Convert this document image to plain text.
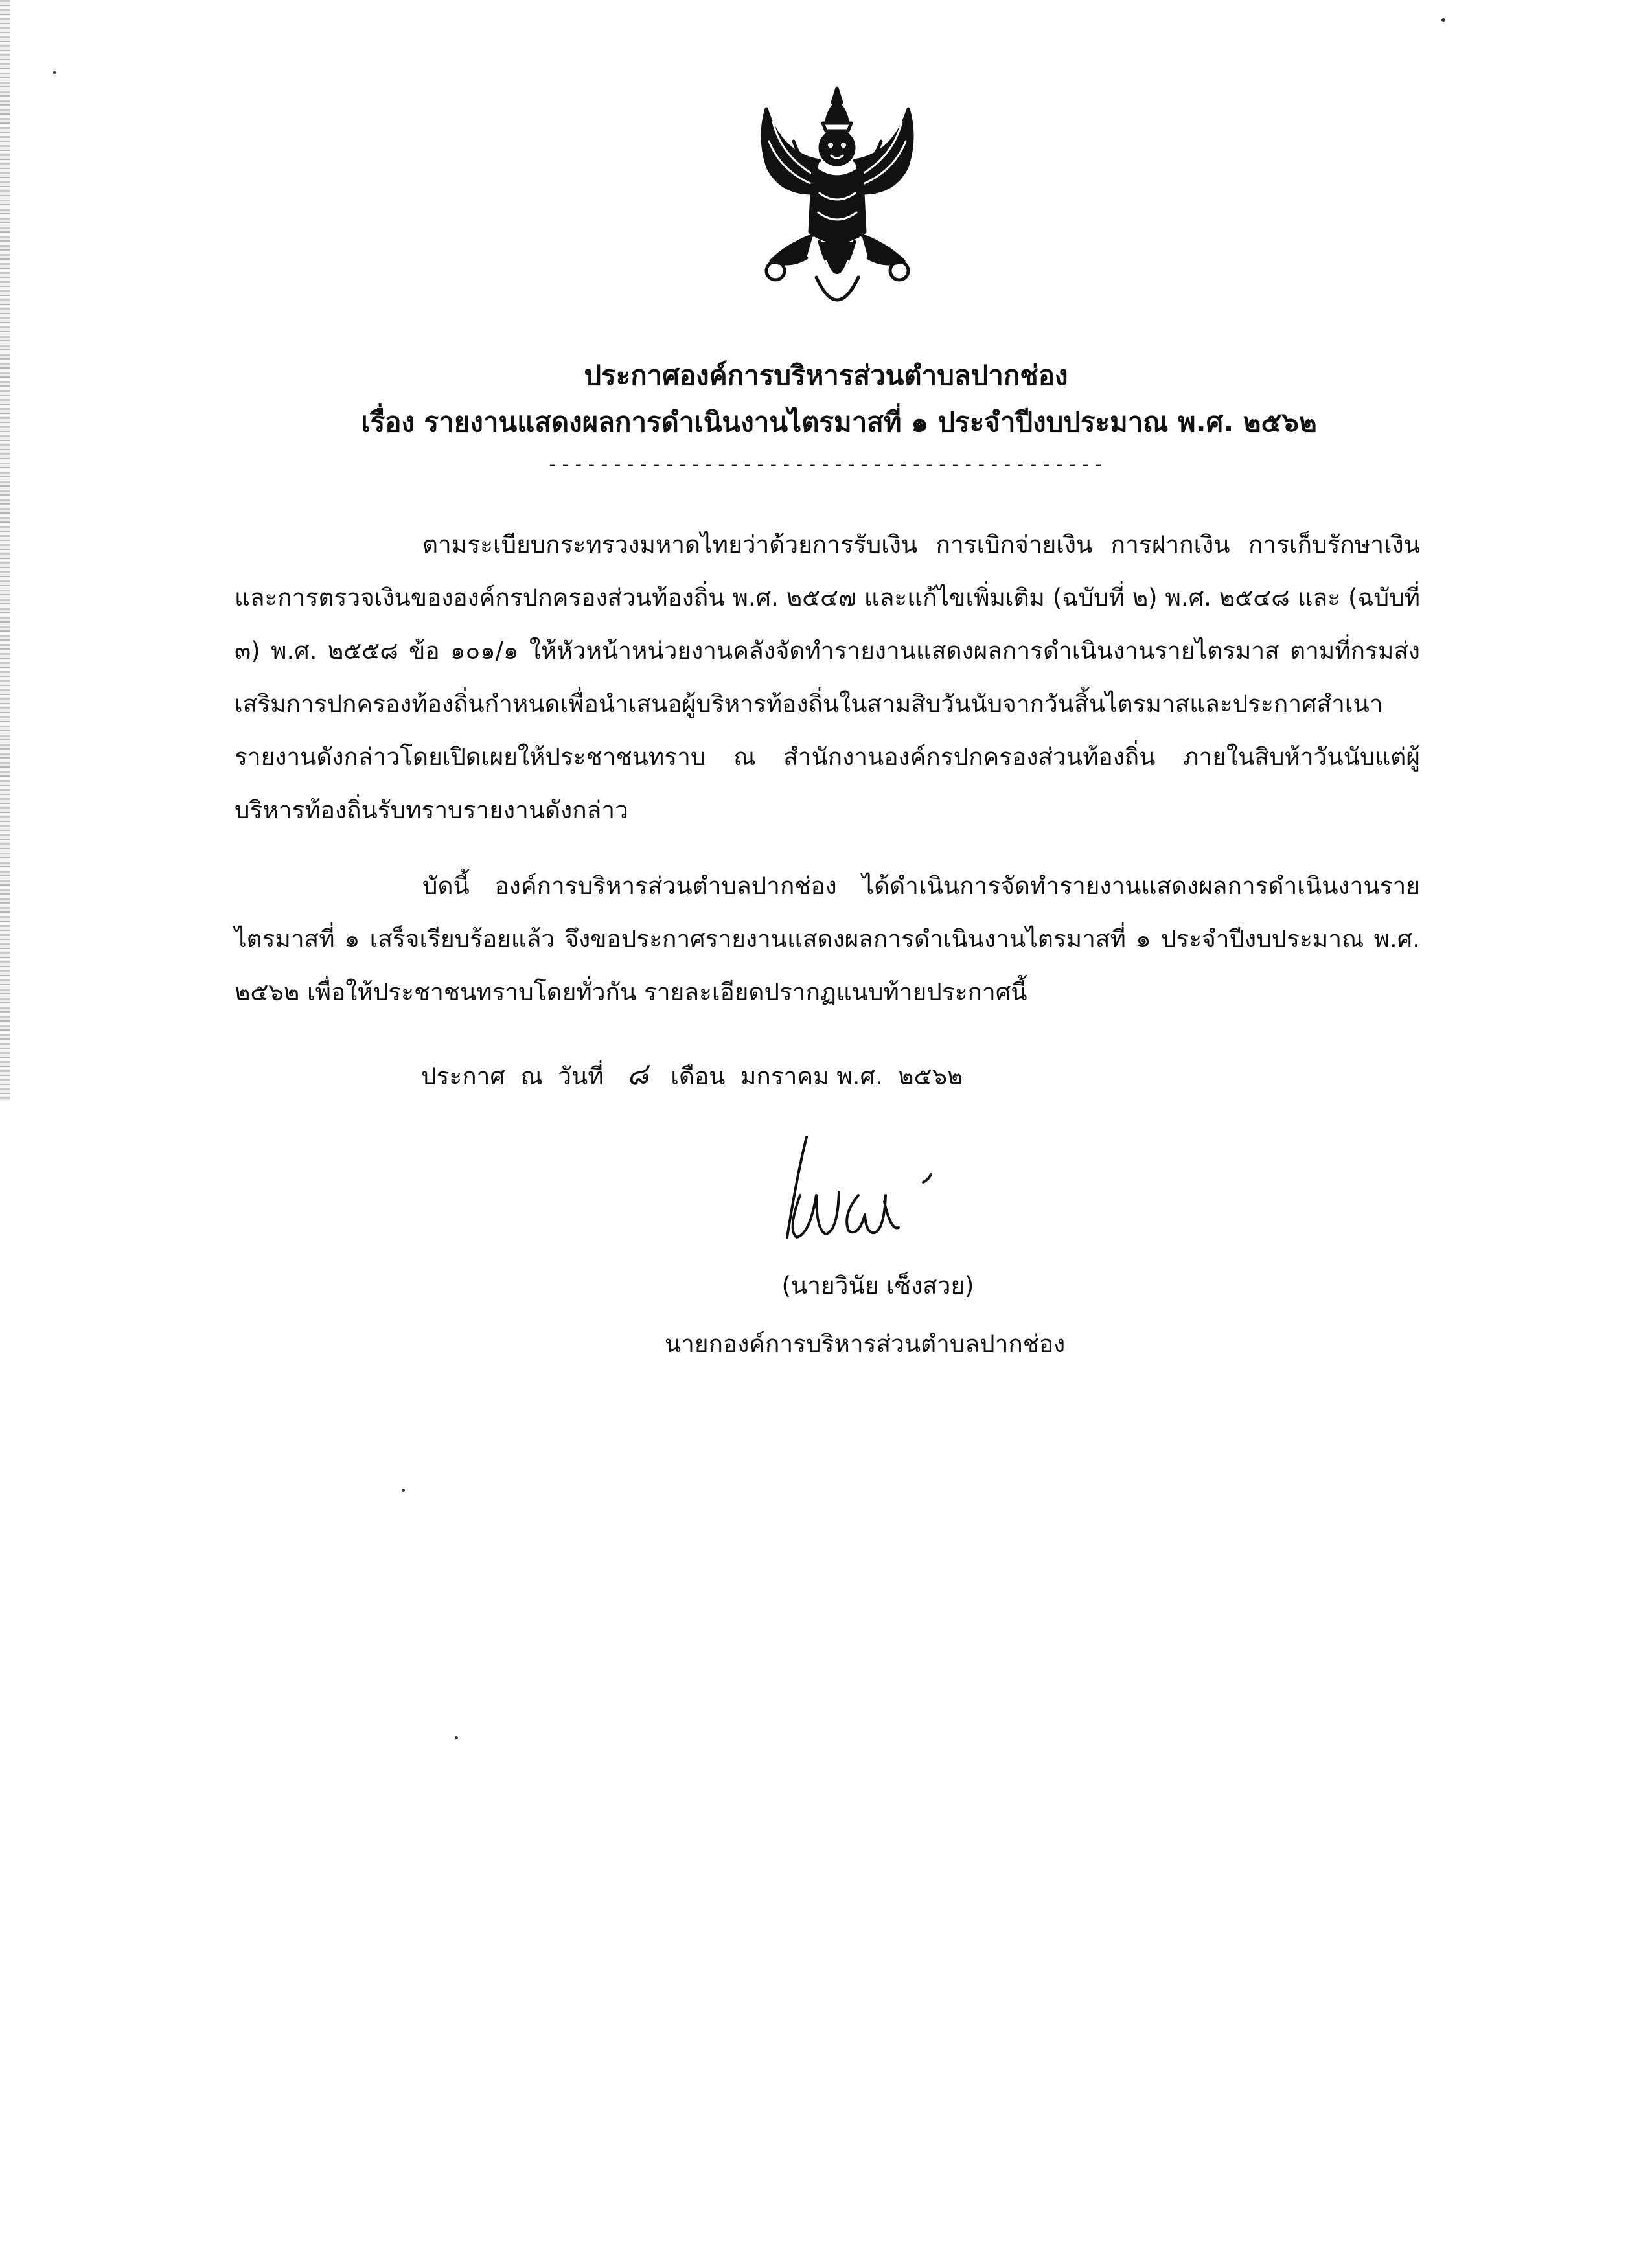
ประกาศองค์การบริหารส่วนตำบลปากช่อง
เรื่อง รายงานแสดงผลการดำเนินงานไตรมาสที่ ๑ ประจำปีงบประมาณ พ.ศ. ๒๕๖๒
-------------------------------------------
ตามระเบียบกระทรวงมหาดไทยว่าด้วยการรับเงิน การเบิกจ่ายเงิน การฝากเงิน การเก็บรักษาเงิน และการตรวจเงินขององค์กรปกครองส่วนท้องถิ่น พ.ศ. ๒๕๔๗ และแก้ไขเพิ่มเติม (ฉบับที่ ๒) พ.ศ. ๒๕๔๘ และ (ฉบับที่ ๓) พ.ศ. ๒๕๕๘ ข้อ ๑๐๑/๑ ให้หัวหน้าหน่วยงานคลังจัดทำรายงานแสดงผลการดำเนินงานรายไตรมาส ตามที่กรมส่งเสริมการปกครองท้องถิ่นกำหนดเพื่อนำเสนอผู้บริหารท้องถิ่นในสามสิบวันนับจากวันสิ้นไตรมาสและประกาศสำเนารายงานดังกล่าวโดยเปิดเผยให้ประชาชนทราบ ณ สำนักงานองค์กรปกครองส่วนท้องถิ่น ภายในสิบห้าวันนับแต่ผู้บริหารท้องถิ่นรับทราบรายงานดังกล่าว
บัดนี้ องค์การบริหารส่วนตำบลปากช่อง ได้ดำเนินการจัดทำรายงานแสดงผลการดำเนินงานรายไตรมาสที่ ๑ เสร็จเรียบร้อยแล้ว จึงขอประกาศรายงานแสดงผลการดำเนินงานไตรมาสที่ ๑ ประจำปีงบประมาณ พ.ศ. ๒๕๖๒ เพื่อให้ประชาชนทราบโดยทั่วกัน รายละเอียดปรากฏแนบท้ายประกาศนี้
ประกาศ  ณ  วันที่ ๘ เดือน  มกราคม พ.ศ.  ๒๕๖๒
(นายวินัย เซ็งสวย)
นายกองค์การบริหารส่วนตำบลปากช่อง
